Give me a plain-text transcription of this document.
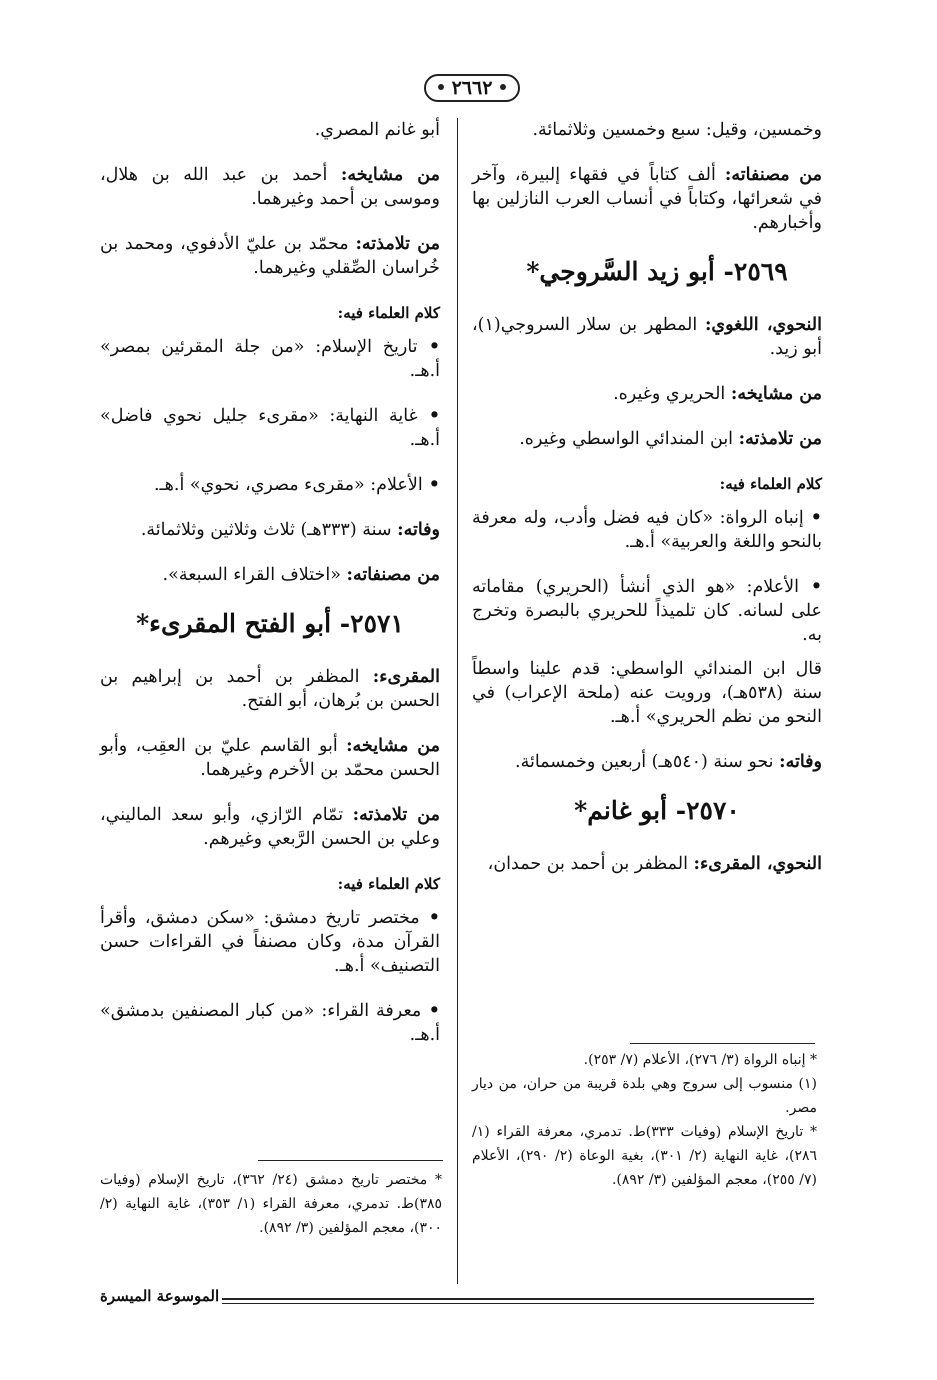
٢٦٦٢

وخمسين، وقيل: سبع وخمسين وثلاثمائة.

من مصنفاته: ألف كتاباً في فقهاء إلبيرة، وآخر في شعرائها، وكتاباً في أنساب العرب النازلين بها وأخبارهم.

٢٥٦٩- أبو زيد السَّروجي*

النحوي، اللغوي: المطهر بن سلار السروجي(١)، أبو زيد.

من مشايخه: الحريري وغيره.

من تلامذته: ابن المندائي الواسطي وغيره.

كلام العلماء فيه:

• إنباه الرواة: «كان فيه فضل وأدب، وله معرفة بالنحو واللغة والعربية» أ.هـ.

• الأعلام: «هو الذي أنشأ (الحريري) مقاماته على لسانه. كان تلميذاً للحريري بالبصرة وتخرج به.

قال ابن المندائي الواسطي: قدم علينا واسطاً سنة (٥٣٨هـ)، ورويت عنه (ملحة الإعراب) في النحو من نظم الحريري» أ.هـ.

وفاته: نحو سنة (٥٤٠هـ) أربعين وخمسمائة.

٢٥٧٠- أبو غانم*

النحوي، المقرىء: المظفر بن أحمد بن حمدان،

* إنباه الرواة (٣/ ٢٧٦)، الأعلام (٧/ ٢٥٣).

(١) منسوب إلى سروج وهي بلدة قريبة من حران، من ديار مصر.

* تاريخ الإسلام (وفيات ٣٣٣)ط. تدمري، معرفة القراء (١/ ٢٨٦)، غاية النهاية (٢/ ٣٠١)، بغية الوعاة (٢/ ٢٩٠)، الأعلام (٧/ ٢٥٥)، معجم المؤلفين (٣/ ٨٩٢).

أبو غانم المصري.

من مشايخه: أحمد بن عبد الله بن هلال، وموسى بن أحمد وغيرهما.

من تلامذته: محمّد بن عليّ الأدفوي، ومحمد بن خُراسان الصِّقلي وغيرهما.

كلام العلماء فيه:

• تاريخ الإسلام: «من جلة المقرئين بمصر» أ.هـ.

• غاية النهاية: «مقرىء جليل نحوي فاضل» أ.هـ.

• الأعلام: «مقرىء مصري، نحوي» أ.هـ.

وفاته: سنة (٣٣٣هـ) ثلاث وثلاثين وثلاثمائة.

من مصنفاته: «اختلاف القراء السبعة».

٢٥٧١- أبو الفتح المقرىء*

المقرىء: المظفر بن أحمد بن إبراهيم بن الحسن بن بُرهان، أبو الفتح.

من مشايخه: أبو القاسم عليّ بن العقِب، وأبو الحسن محمّد بن الأخرم وغيرهما.

من تلامذته: تمّام الرّازي، وأبو سعد الماليني، وعلي بن الحسن الرَّبعي وغيرهم.

كلام العلماء فيه:

• مختصر تاريخ دمشق: «سكن دمشق، وأقرأ القرآن مدة، وكان مصنفاً في القراءات حسن التصنيف» أ.هـ.

• معرفة القراء: «من كبار المصنفين بدمشق» أ.هـ.

* مختصر تاريخ دمشق (٢٤/ ٣٦٢)، تاريخ الإسلام (وفيات ٣٨٥)ط. تدمري، معرفة القراء (١/ ٣٥٣)، غاية النهاية (٢/ ٣٠٠)، معجم المؤلفين (٣/ ٨٩٢).

الموسوعة الميسرة
